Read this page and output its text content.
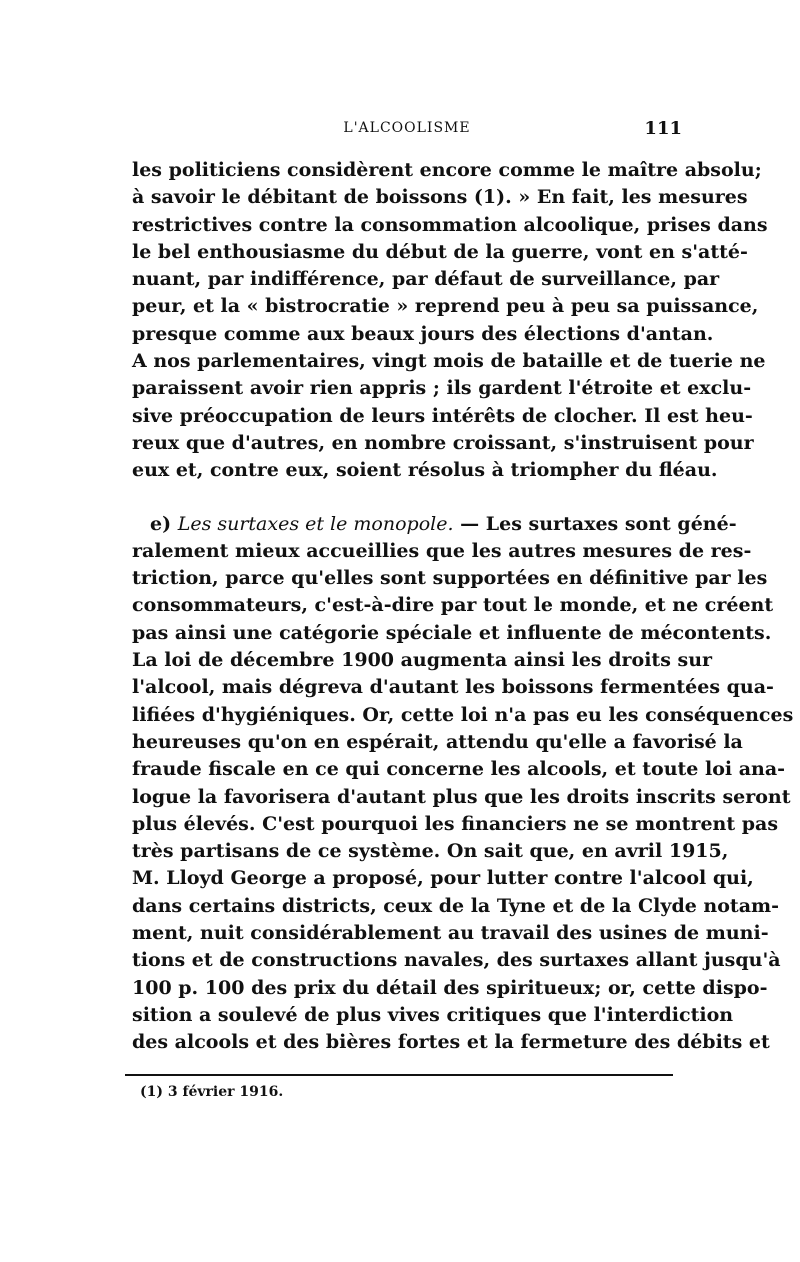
L'ALCOOLISME	111
les politiciens considèrent encore comme le maître absolu;
à savoir le débitant de boissons (1). » En fait, les mesures
restrictives contre la consommation alcoolique, prises dans
le bel enthousiasme du début de la guerre, vont en s'atté-
nuant, par indifférence, par défaut de surveillance, par
peur, et la « bistrocratie » reprend peu à peu sa puissance,
presque comme aux beaux jours des élections d'antan.
A nos parlementaires, vingt mois de bataille et de tuerie ne
paraissent avoir rien appris ; ils gardent l'étroite et exclu-
sive préoccupation de leurs intérêts de clocher. Il est heu-
reux que d'autres, en nombre croissant, s'instruisent pour
eux et, contre eux, soient résolus à triompher du fléau.
e) Les surtaxes et le monopole. — Les surtaxes sont géné-
ralement mieux accueillies que les autres mesures de res-
triction, parce qu'elles sont supportées en définitive par les
consommateurs, c'est-à-dire par tout le monde, et ne créent
pas ainsi une catégorie spéciale et influente de mécontents.
La loi de décembre 1900 augmenta ainsi les droits sur
l'alcool, mais dégreva d'autant les boissons fermentées qua-
lifiées d'hygiéniques. Or, cette loi n'a pas eu les conséquences
heureuses qu'on en espérait, attendu qu'elle a favorisé la
fraude fiscale en ce qui concerne les alcools, et toute loi ana-
logue la favorisera d'autant plus que les droits inscrits seront
plus élevés. C'est pourquoi les financiers ne se montrent pas
très partisans de ce système. On sait que, en avril 1915,
M. Lloyd George a proposé, pour lutter contre l'alcool qui,
dans certains districts, ceux de la Tyne et de la Clyde notam-
ment, nuit considérablement au travail des usines de muni-
tions et de constructions navales, des surtaxes allant jusqu'à
100 p. 100 des prix du détail des spiritueux; or, cette dispo-
sition a soulevé de plus vives critiques que l'interdiction
des alcools et des bières fortes et la fermeture des débits et
(1) 3 février 1916.
